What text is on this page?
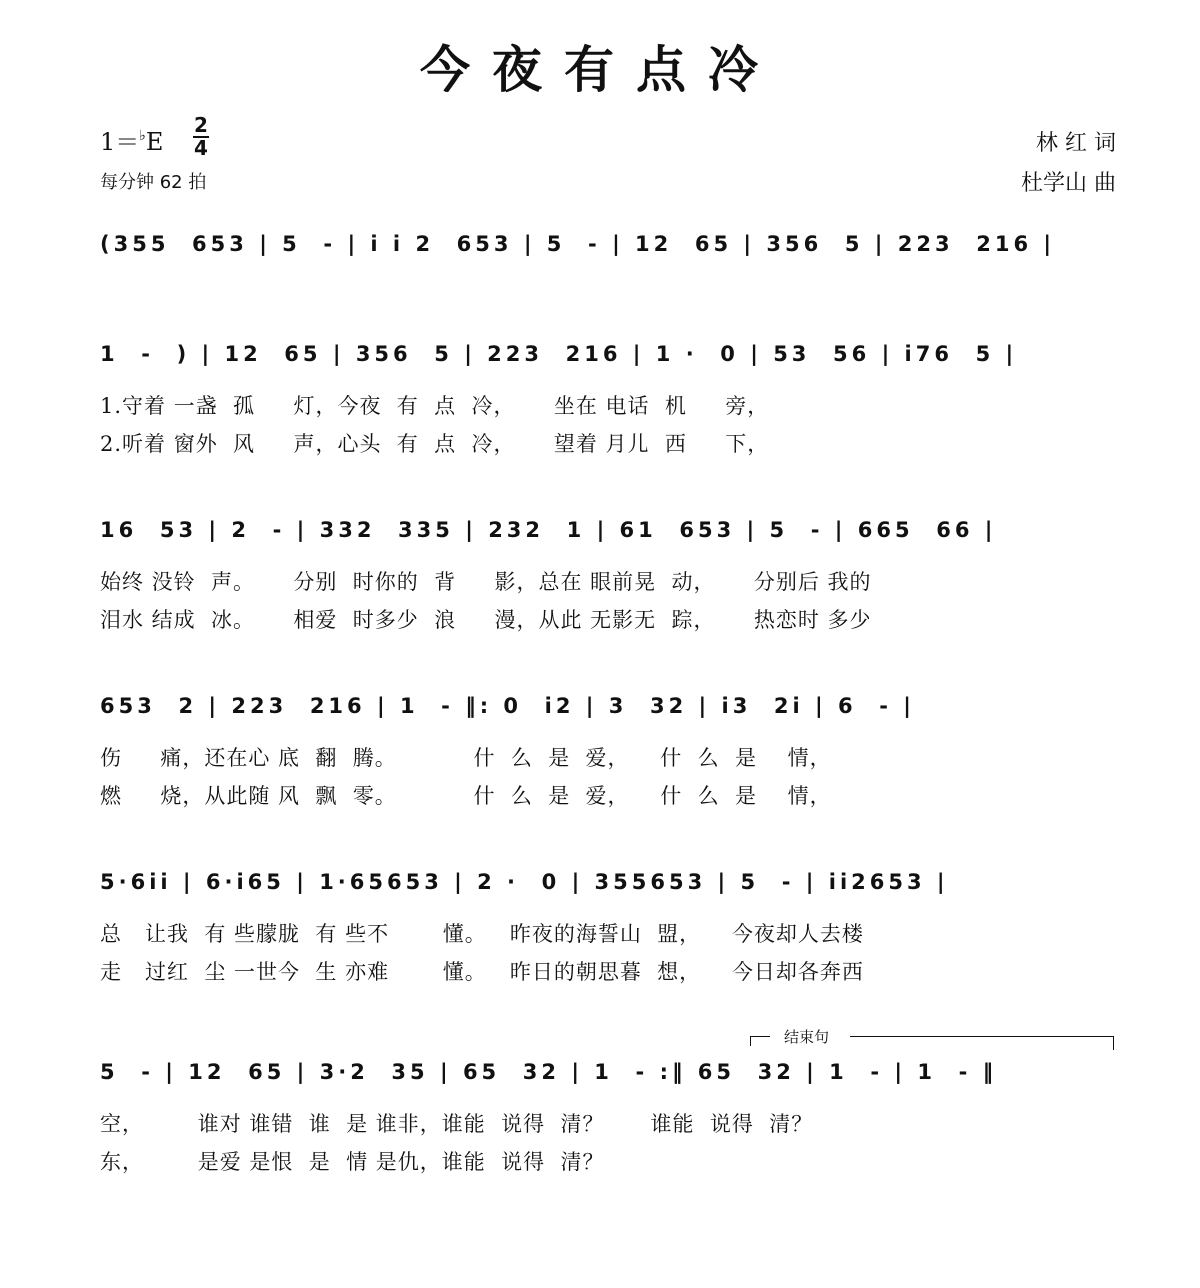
今夜有点冷
1＝♭E
2
4
每分钟 62 拍
林 红 词
杜学山 曲
(355  653 | 5  - | i i 2  653 | 5  - | 12  65 | 356  5 | 223  216 |
1  -  ) | 12  65 | 356  5 | 223  216 | 1 ·  0 | 53  56 | i76  5 |
1.守着 一盏  孤     灯，今夜  有  点  冷，     坐在 电话  机     旁，
2.听着 窗外  风     声，心头  有  点  冷，     望着 月儿  西     下，
16  53 | 2  - | 332  335 | 232  1 | 61  653 | 5  - | 665  66 |
始终 没铃  声。     分别  时你的  背     影，总在 眼前晃  动，     分别后 我的
泪水 结成  冰。     相爱  时多少  浪     漫，从此 无影无  踪，     热恋时 多少
653  2 | 223  216 | 1  - ‖: 0  i2 | 3  32 | i3  2i | 6  - |
伤     痛，还在心 底  翻  腾。          什  么  是  爱，    什  么  是    情，
燃     烧，从此随 风  飘  零。          什  么  是  爱，    什  么  是    情，
5·6ii | 6·i65 | 1·65653 | 2 ·  0 | 355653 | 5  - | ii2653 |
总   让我  有 些朦胧  有 些不       懂。   昨夜的海誓山  盟，    今夜却人去楼
走   过红  尘 一世今  生 亦难       懂。   昨日的朝思暮  想，    今日却各奔西
结束句
5  - | 12  65 | 3·2  35 | 65  32 | 1  - :‖ 65  32 | 1  - | 1  - ‖
空，       谁对 谁错  谁  是 谁非，谁能  说得  清？      谁能  说得  清？
东，       是爱 是恨  是  情 是仇，谁能  说得  清？
